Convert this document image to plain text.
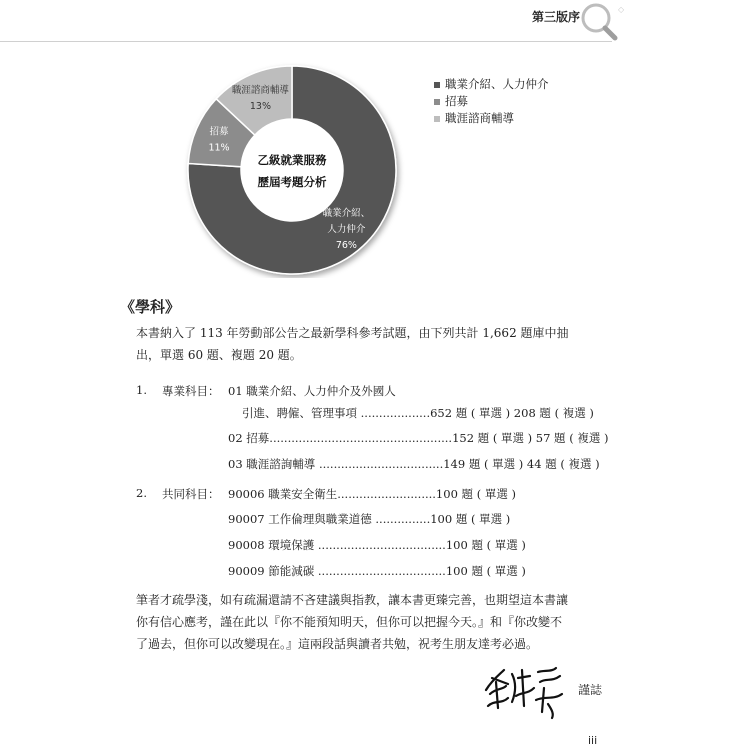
第三版序
◇
職業介紹、
人力仲介
76%
招募
11%
職涯諮商輔導
13%
乙級就業服務
歷屆考題分析
職業介紹、人力仲介
招募
職涯諮商輔導
《學科》
本書納入了 113 年勞動部公告之最新學科參考試題，由下列共計 1,662 題庫中抽
出，單選 60 題、複題 20 題。
1. 專業科目： 01 職業介紹、人力仲介及外國人
引進、聘僱、管理事項 ...................652 題 ( 單選 ) 208 題 ( 複選 )
02 招募..................................................152 題 ( 單選 ) 57 題 ( 複選 )
03 職涯諮詢輔導 ..................................149 題 ( 單選 ) 44 題 ( 複選 )
2. 共同科目： 90006 職業安全衛生...........................100 題 ( 單選 )
90007 工作倫理與職業道德 ...............100 題 ( 單選 )
90008 環境保護 ...................................100 題 ( 單選 )
90009 節能減碳 ...................................100 題 ( 單選 )
筆者才疏學淺，如有疏漏還請不吝建議與指教，讓本書更臻完善，也期望這本書讓
你有信心應考，謹在此以『你不能預知明天，但你可以把握今天。』和『你改變不
了過去，但你可以改變現在。』這兩段話與讀者共勉，祝考生朋友達考必過。
謹誌
iii
